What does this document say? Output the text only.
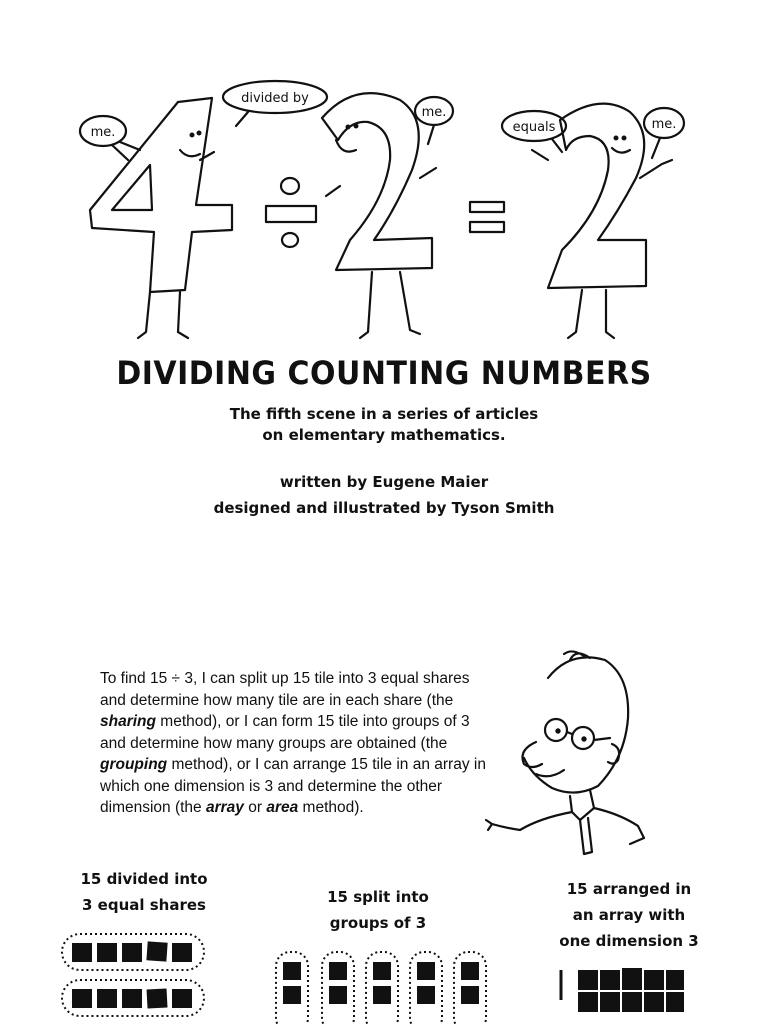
me.
divided by
me.
equals	me.
DIVIDING COUNTING NUMBERS
The fifth scene in a series of articles
on elementary mathematics.
written by Eugene Maier
designed and illustrated by Tyson Smith
To find 15 ÷ 3, I can split up 15 tile into 3 equal shares and determine how many tile are in each share (the sharing method), or I can form 15 tile into groups of 3 and determine how many groups are obtained (the grouping method), or I can arrange 15 tile in an array in which one dimension is 3 and determine the other dimension (the array or area method).
15 divided into
3 equal shares	15 split into
groups of 3
15 arranged in
an array with
one dimension 3
